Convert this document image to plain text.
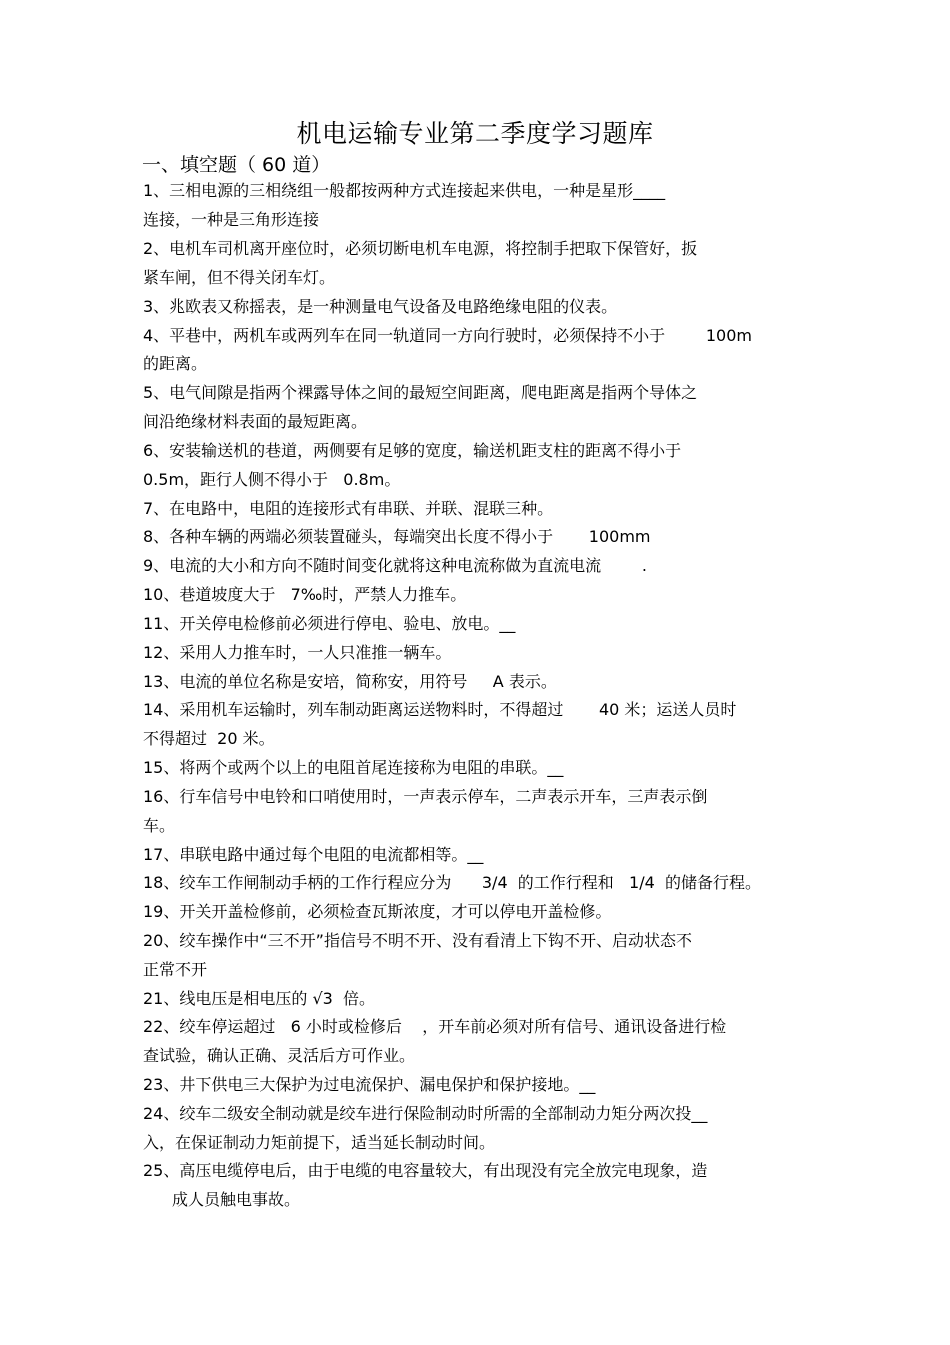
机电运输专业第二季度学习题库
一、填空题（ 60 道）
1、三相电源的三相绕组一般都按两种方式连接起来供电，一种是星形____
连接，一种是三角形连接
2、电机车司机离开座位时，必须切断电机车电源，将控制手把取下保管好，扳
紧车闸，但不得关闭车灯。
3、兆欧表又称摇表，是一种测量电气设备及电路绝缘电阻的仪表。
4、平巷中，两机车或两列车在同一轨道同一方向行驶时，必须保持不小于        100m
的距离。
5、电气间隙是指两个裸露导体之间的最短空间距离，爬电距离是指两个导体之
间沿绝缘材料表面的最短距离。
6、安装输送机的巷道，两侧要有足够的宽度，输送机距支柱的距离不得小于
0.5m，距行人侧不得小于   0.8m。
7、在电路中，电阻的连接形式有串联、并联、混联三种。
8、各种车辆的两端必须装置碰头，每端突出长度不得小于       100mm
9、电流的大小和方向不随时间变化就将这种电流称做为直流电流        .
10、巷道坡度大于   7‰时，严禁人力推车。
11、开关停电检修前必须进行停电、验电、放电。__
12、采用人力推车时，一人只准推一辆车。
13、电流的单位名称是安培，简称安，用符号     A 表示。
14、采用机车运输时，列车制动距离运送物料时，不得超过       40 米；运送人员时
不得超过  20 米。
15、将两个或两个以上的电阻首尾连接称为电阻的串联。__
16、行车信号中电铃和口哨使用时，一声表示停车，二声表示开车，三声表示倒
车。
17、串联电路中通过每个电阻的电流都相等。__
18、绞车工作闸制动手柄的工作行程应分为      3/4  的工作行程和   1/4  的储备行程。
19、开关开盖检修前，必须检查瓦斯浓度，才可以停电开盖检修。
20、绞车操作中“三不开”指信号不明不开、没有看清上下钩不开、启动状态不
正常不开
21、线电压是相电压的 √3  倍。
22、绞车停运超过   6 小时或检修后    ，开车前必须对所有信号、通讯设备进行检
查试验，确认正确、灵活后方可作业。
23、井下供电三大保护为过电流保护、漏电保护和保护接地。__
24、绞车二级安全制动就是绞车进行保险制动时所需的全部制动力矩分两次投__
入，在保证制动力矩前提下，适当延长制动时间。
25、高压电缆停电后，由于电缆的电容量较大，有出现没有完全放完电现象，造
成人员触电事故。
